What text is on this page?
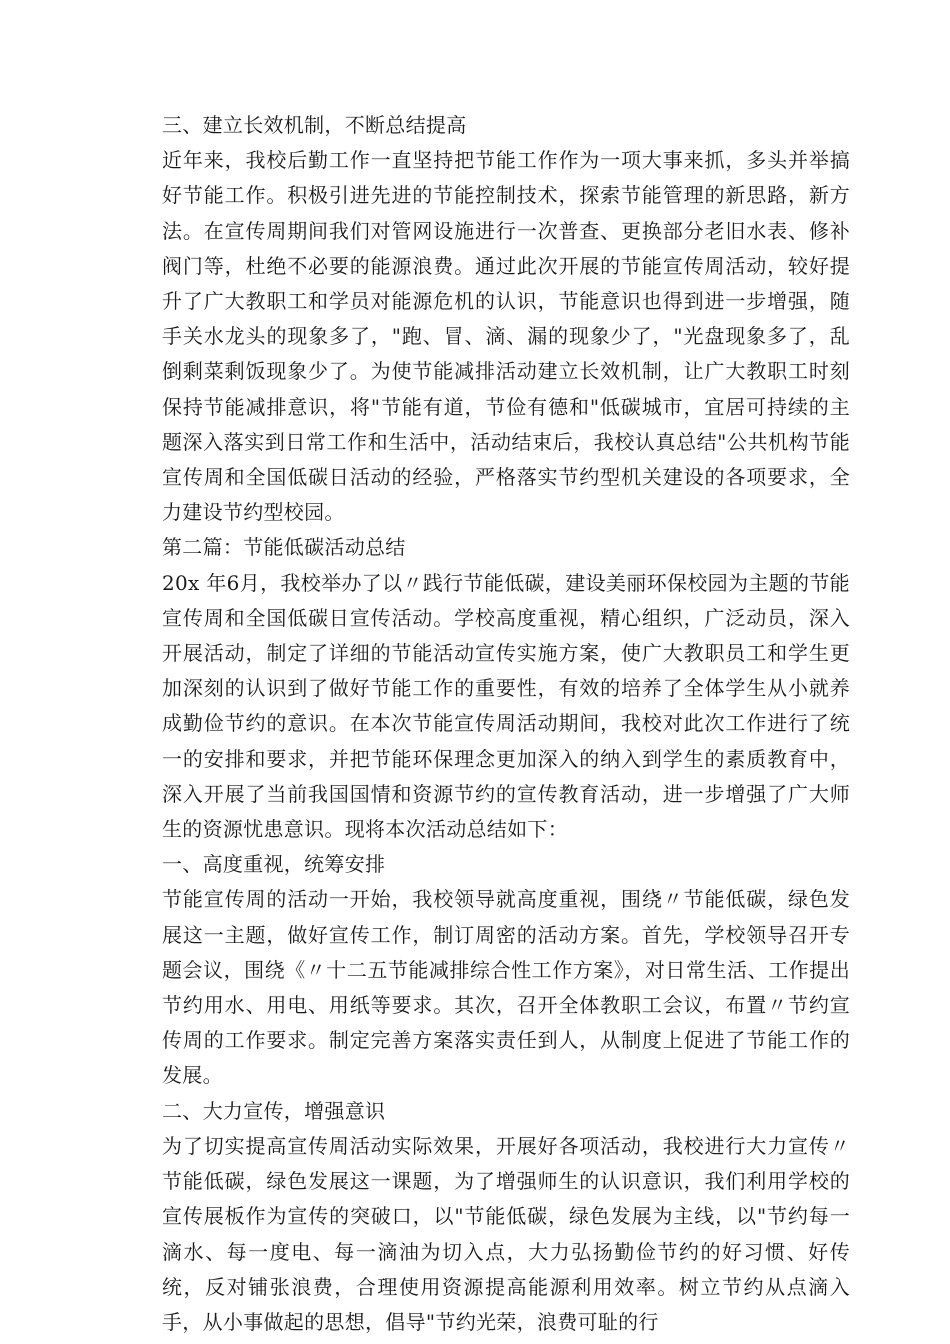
三、建立长效机制，不断总结提高

近年来，我校后勤工作一直坚持把节能工作作为一项大事来抓，多头并举搞好节能工作。积极引进先进的节能控制技术，探索节能管理的新思路，新方法。在宣传周期间我们对管网设施进行一次普查、更换部分老旧水表、修补阀门等，杜绝不必要的能源浪费。通过此次开展的节能宣传周活动，较好提升了广大教职工和学员对能源危机的认识，节能意识也得到进一步增强，随手关水龙头的现象多了，"跑、冒、滴、漏的现象少了，"光盘现象多了，乱倒剩菜剩饭现象少了。为使节能减排活动建立长效机制，让广大教职工时刻保持节能减排意识，将"节能有道，节俭有德和"低碳城市，宜居可持续的主题深入落实到日常工作和生活中，活动结束后，我校认真总结"公共机构节能宣传周和全国低碳日活动的经验，严格落实节约型机关建设的各项要求，全力建设节约型校园。

第二篇：节能低碳活动总结

20x 年6月，我校举办了以〃践行节能低碳，建设美丽环保校园为主题的节能宣传周和全国低碳日宣传活动。学校高度重视，精心组织，广泛动员，深入开展活动，制定了详细的节能活动宣传实施方案，使广大教职员工和学生更加深刻的认识到了做好节能工作的重要性，有效的培养了全体学生从小就养成勤俭节约的意识。在本次节能宣传周活动期间，我校对此次工作进行了统一的安排和要求，并把节能环保理念更加深入的纳入到学生的素质教育中，深入开展了当前我国国情和资源节约的宣传教育活动，进一步增强了广大师生的资源忧患意识。现将本次活动总结如下：

一、高度重视，统筹安排

节能宣传周的活动一开始，我校领导就高度重视，围绕〃节能低碳，绿色发展这一主题，做好宣传工作，制订周密的活动方案。首先，学校领导召开专题会议，围绕《〃十二五节能减排综合性工作方案》，对日常生活、工作提出节约用水、用电、用纸等要求。其次，召开全体教职工会议，布置〃节约宣传周的工作要求。制定完善方案落实责任到人，从制度上促进了节能工作的发展。

二、大力宣传，增强意识

为了切实提高宣传周活动实际效果，开展好各项活动，我校进行大力宣传〃节能低碳，绿色发展这一课题，为了增强师生的认识意识，我们利用学校的宣传展板作为宣传的突破口，以"节能低碳，绿色发展为主线，以"节约每一滴水、每一度电、每一滴油为切入点，大力弘扬勤俭节约的好习惯、好传统，反对铺张浪费，合理使用资源提高能源利用效率。树立节约从点滴入手，从小事做起的思想，倡导"节约光荣，浪费可耻的行
